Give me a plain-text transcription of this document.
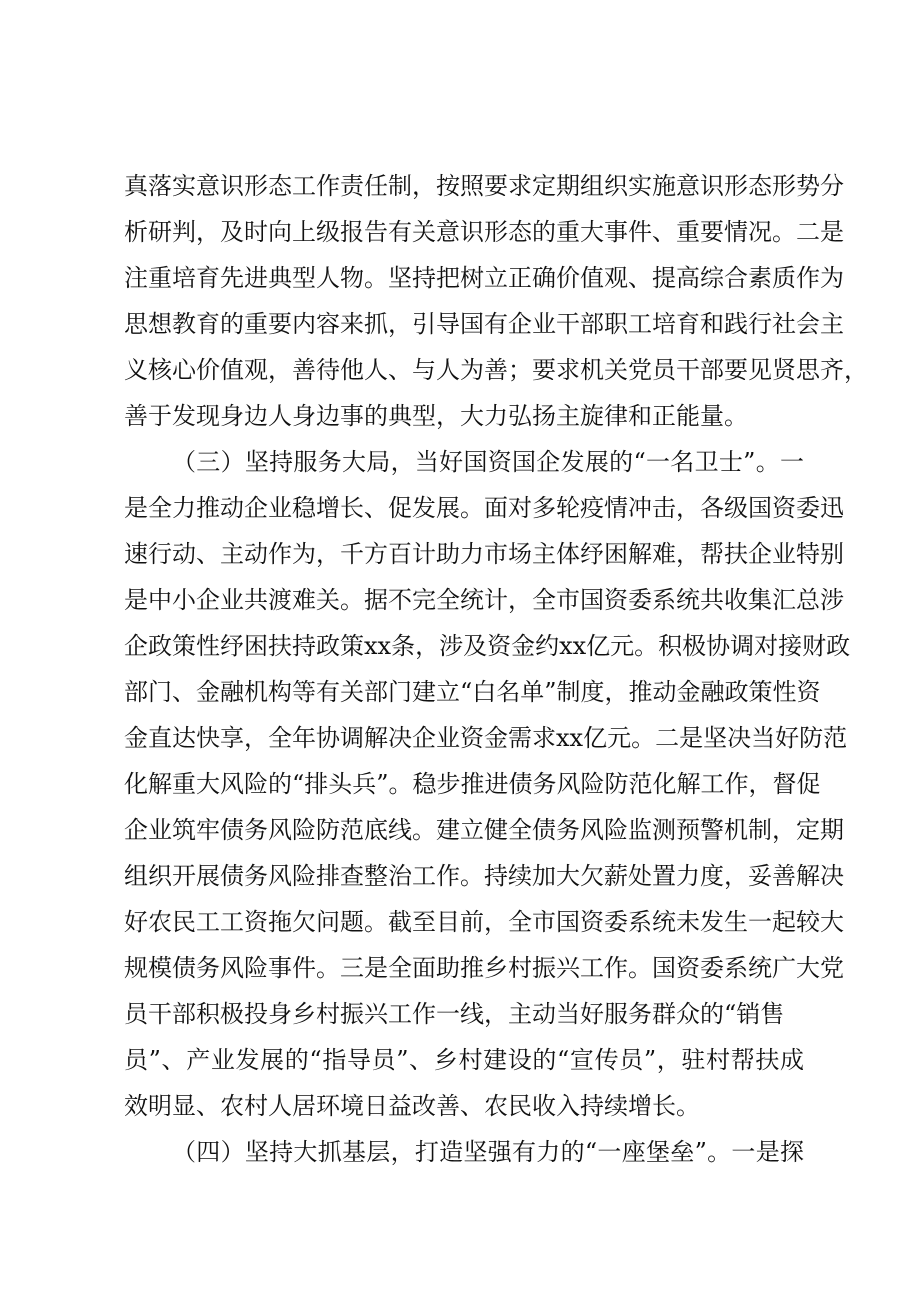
真落实意识形态工作责任制，按照要求定期组织实施意识形态形势分
析研判，及时向上级报告有关意识形态的重大事件、重要情况。二是
注重培育先进典型人物。坚持把树立正确价值观、提高综合素质作为
思想教育的重要内容来抓，引导国有企业干部职工培育和践行社会主
义核心价值观，善待他人、与人为善；要求机关党员干部要见贤思齐，
善于发现身边人身边事的典型，大力弘扬主旋律和正能量。
（三）坚持服务大局，当好国资国企发展的“一名卫士”。一
是全力推动企业稳增长、促发展。面对多轮疫情冲击，各级国资委迅
速行动、主动作为，千方百计助力市场主体纾困解难，帮扶企业特别
是中小企业共渡难关。据不完全统计，全市国资委系统共收集汇总涉
企政策性纾困扶持政策xx条，涉及资金约xx亿元。积极协调对接财政
部门、金融机构等有关部门建立“白名单”制度，推动金融政策性资
金直达快享，全年协调解决企业资金需求xx亿元。二是坚决当好防范
化解重大风险的“排头兵”。稳步推进债务风险防范化解工作，督促
企业筑牢债务风险防范底线。建立健全债务风险监测预警机制，定期
组织开展债务风险排查整治工作。持续加大欠薪处置力度，妥善解决
好农民工工资拖欠问题。截至目前，全市国资委系统未发生一起较大
规模债务风险事件。三是全面助推乡村振兴工作。国资委系统广大党
员干部积极投身乡村振兴工作一线，主动当好服务群众的“销售
员”、产业发展的“指导员”、乡村建设的“宣传员”，驻村帮扶成
效明显、农村人居环境日益改善、农民收入持续增长。
（四）坚持大抓基层，打造坚强有力的“一座堡垒”。一是探
